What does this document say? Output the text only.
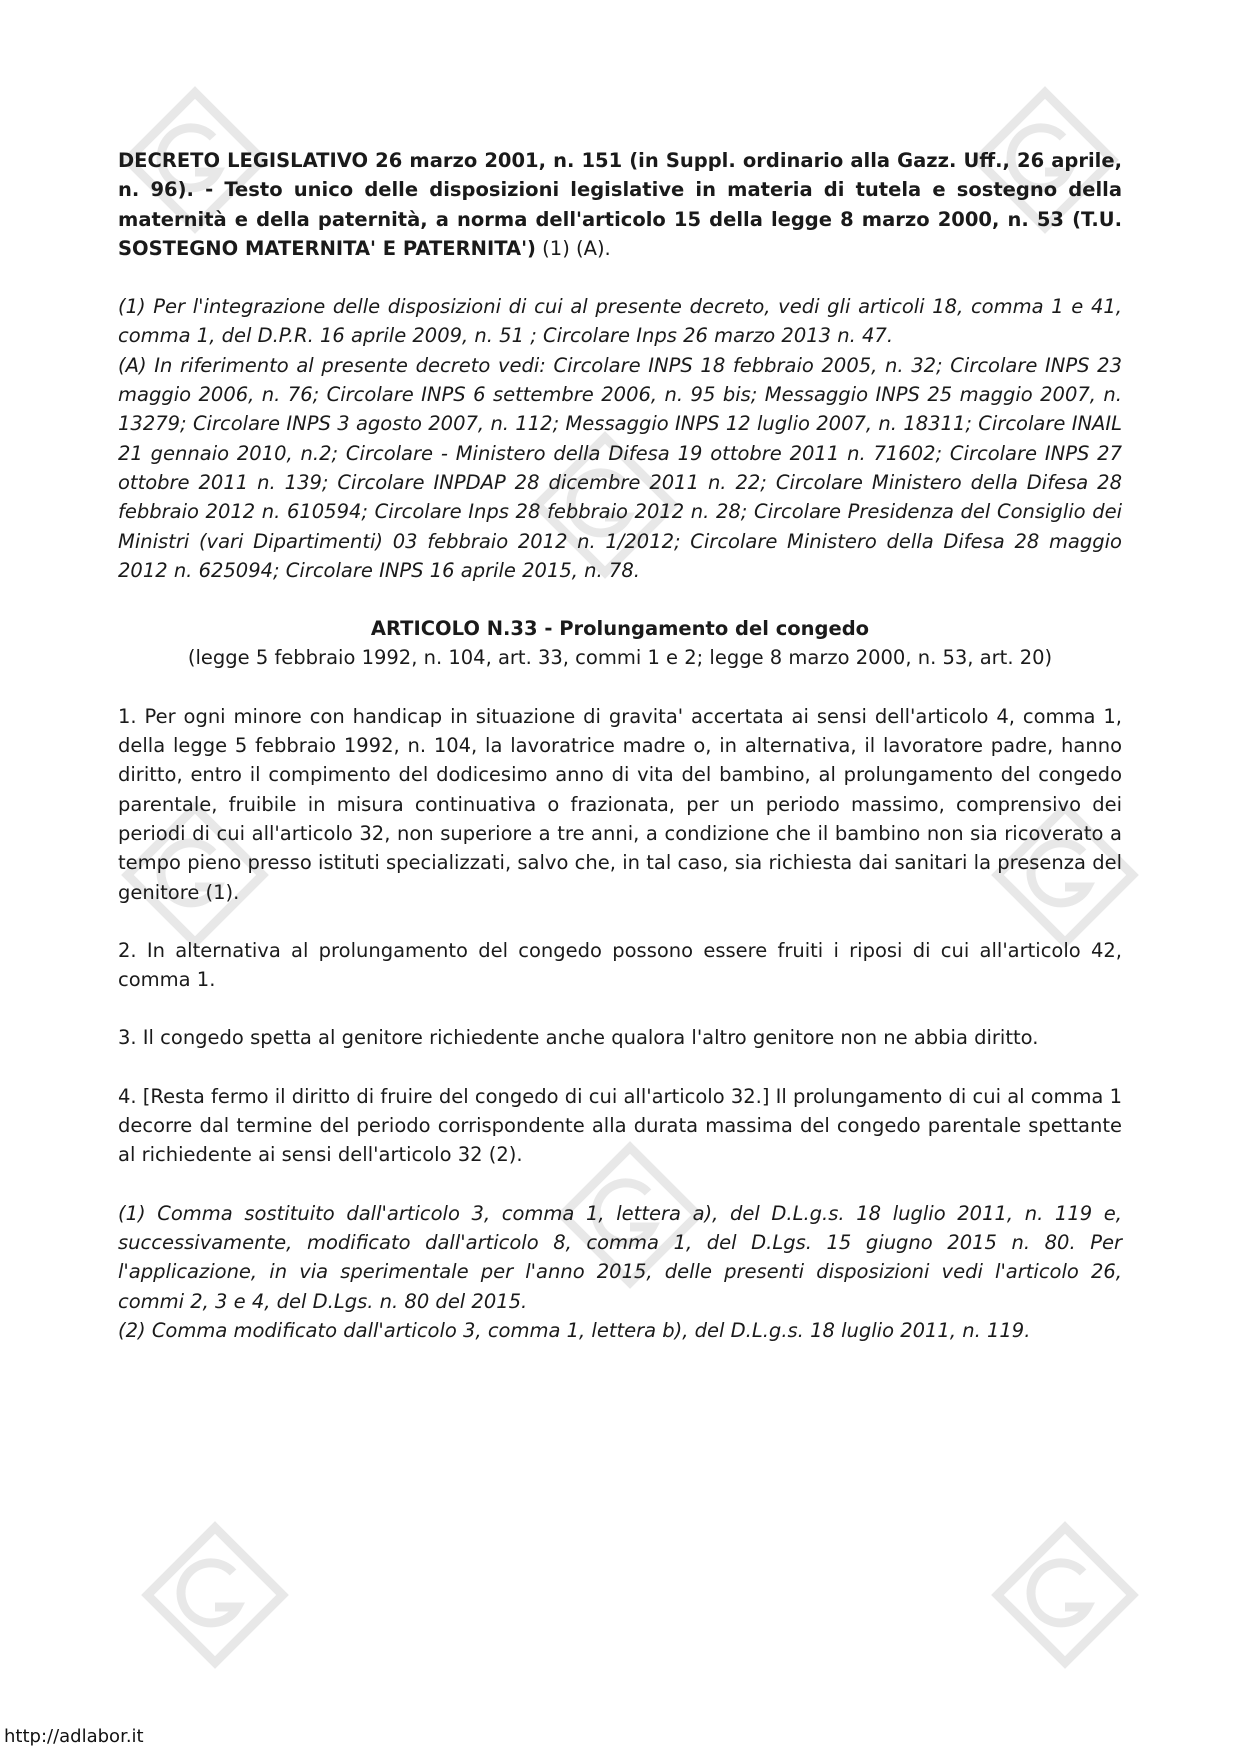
DECRETO LEGISLATIVO 26 marzo 2001, n. 151 (in Suppl. ordinario alla Gazz. Uff., 26 aprile, n. 96). - Testo unico delle disposizioni legislative in materia di tutela e sostegno della maternità e della paternità, a norma dell'articolo 15 della legge 8 marzo 2000, n. 53 (T.U. SOSTEGNO MATERNITA' E PATERNITA') (1) (A).

(1) Per l'integrazione delle disposizioni di cui al presente decreto, vedi gli articoli 18, comma 1 e 41, comma 1, del D.P.R. 16 aprile 2009, n. 51 ; Circolare Inps 26 marzo 2013 n. 47.

(A) In riferimento al presente decreto vedi: Circolare INPS 18 febbraio 2005, n. 32; Circolare INPS 23 maggio 2006, n. 76; Circolare INPS 6 settembre 2006, n. 95 bis; Messaggio INPS 25 maggio 2007, n. 13279; Circolare INPS 3 agosto 2007, n. 112; Messaggio INPS 12 luglio 2007, n. 18311; Circolare INAIL 21 gennaio 2010, n.2; Circolare - Ministero della Difesa 19 ottobre 2011 n. 71602; Circolare INPS 27 ottobre 2011 n. 139; Circolare INPDAP 28 dicembre 2011 n. 22; Circolare Ministero della Difesa 28 febbraio 2012 n. 610594; Circolare Inps 28 febbraio 2012 n. 28; Circolare Presidenza del Consiglio dei Ministri (vari Dipartimenti) 03 febbraio 2012 n. 1/2012; Circolare Ministero della Difesa 28 maggio 2012 n. 625094; Circolare INPS 16 aprile 2015, n. 78.

ARTICOLO N.33 - Prolungamento del congedo

(legge 5 febbraio 1992, n. 104, art. 33, commi 1 e 2; legge 8 marzo 2000, n. 53, art. 20)

1. Per ogni minore con handicap in situazione di gravita' accertata ai sensi dell'articolo 4, comma 1, della legge 5 febbraio 1992, n. 104, la lavoratrice madre o, in alternativa, il lavoratore padre, hanno diritto, entro il compimento del dodicesimo anno di vita del bambino, al prolungamento del congedo parentale, fruibile in misura continuativa o frazionata, per un periodo massimo, comprensivo dei periodi di cui all'articolo 32, non superiore a tre anni, a condizione che il bambino non sia ricoverato a tempo pieno presso istituti specializzati, salvo che, in tal caso, sia richiesta dai sanitari la presenza del genitore (1).

2. In alternativa al prolungamento del congedo possono essere fruiti i riposi di cui all'articolo 42, comma 1.

3. Il congedo spetta al genitore richiedente anche qualora l'altro genitore non ne abbia diritto.

4. [Resta fermo il diritto di fruire del congedo di cui all'articolo 32.] Il prolungamento di cui al comma 1 decorre dal termine del periodo corrispondente alla durata massima del congedo parentale spettante al richiedente ai sensi dell'articolo 32 (2).

(1) Comma sostituito dall'articolo 3, comma 1, lettera a), del D.L.g.s. 18 luglio 2011, n. 119 e, successivamente, modificato dall'articolo 8, comma 1, del D.Lgs. 15 giugno 2015 n. 80. Per l'applicazione, in via sperimentale per l'anno 2015, delle presenti disposizioni vedi l'articolo 26, commi 2, 3 e 4, del D.Lgs. n. 80 del 2015.

(2) Comma modificato dall'articolo 3, comma 1, lettera b), del D.L.g.s. 18 luglio 2011, n. 119.

http://adlabor.it
